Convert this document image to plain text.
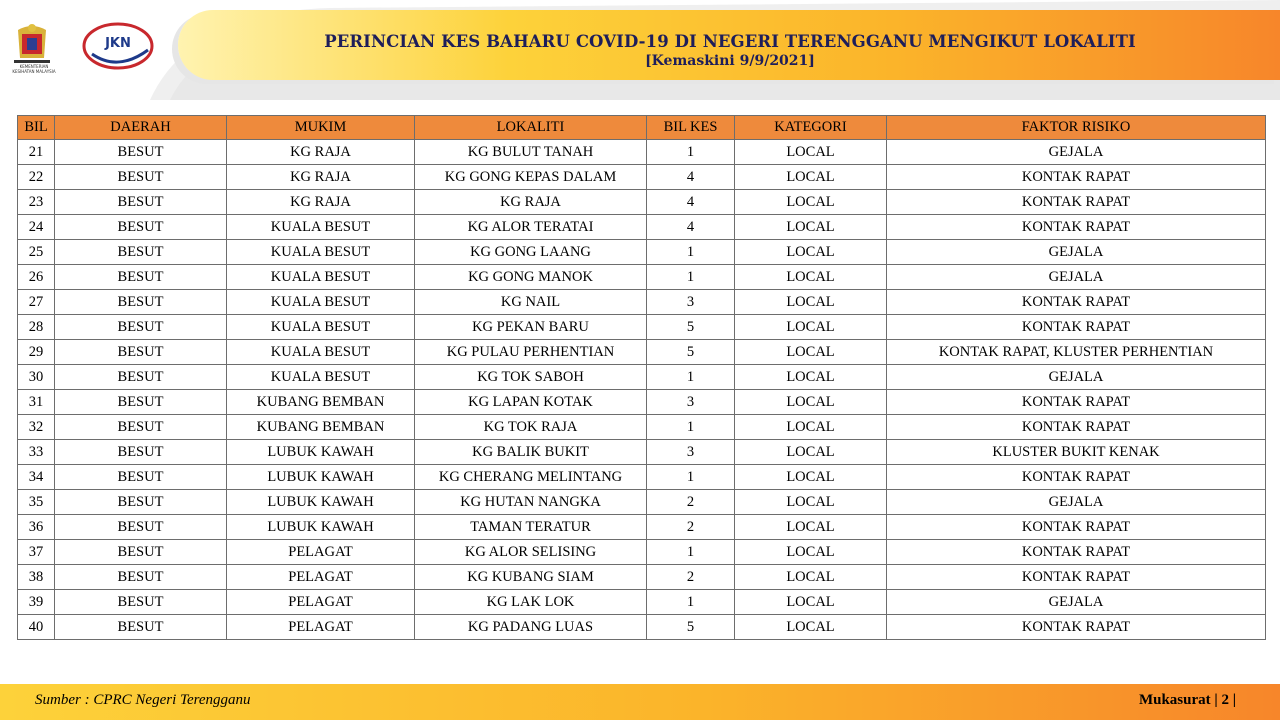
KEMENTERIAN KESIHATAN MALAYSIA
JKN	PERINCIAN KES BAHARU COVID-19 DI NEGERI TERENGGANU MENGIKUT LOKALITI
[Kemaskini 9/9/2021]
BIL	DAERAH	MUKIM	LOKALITI	BIL KES	KATEGORI	FAKTOR RISIKO
21	BESUT	KG RAJA	KG BULUT TANAH	1	LOCAL	GEJALA
22	BESUT	KG RAJA	KG GONG KEPAS DALAM	4	LOCAL	KONTAK RAPAT
23	BESUT	KG RAJA	KG RAJA	4	LOCAL	KONTAK RAPAT
24	BESUT	KUALA BESUT	KG ALOR TERATAI	4	LOCAL	KONTAK RAPAT
25	BESUT	KUALA BESUT	KG GONG LAANG	1	LOCAL	GEJALA
26	BESUT	KUALA BESUT	KG GONG MANOK	1	LOCAL	GEJALA
27	BESUT	KUALA BESUT	KG NAIL	3	LOCAL	KONTAK RAPAT
28	BESUT	KUALA BESUT	KG PEKAN BARU	5	LOCAL	KONTAK RAPAT
29	BESUT	KUALA BESUT	KG PULAU PERHENTIAN	5	LOCAL	KONTAK RAPAT, KLUSTER PERHENTIAN
30	BESUT	KUALA BESUT	KG TOK SABOH	1	LOCAL	GEJALA
31	BESUT	KUBANG BEMBAN	KG LAPAN KOTAK	3	LOCAL	KONTAK RAPAT
32	BESUT	KUBANG BEMBAN	KG TOK RAJA	1	LOCAL	KONTAK RAPAT
33	BESUT	LUBUK KAWAH	KG BALIK BUKIT	3	LOCAL	KLUSTER BUKIT KENAK
34	BESUT	LUBUK KAWAH	KG CHERANG MELINTANG	1	LOCAL	KONTAK RAPAT
35	BESUT	LUBUK KAWAH	KG HUTAN NANGKA	2	LOCAL	GEJALA
36	BESUT	LUBUK KAWAH	TAMAN TERATUR	2	LOCAL	KONTAK RAPAT
37	BESUT	PELAGAT	KG ALOR SELISING	1	LOCAL	KONTAK RAPAT
38	BESUT	PELAGAT	KG KUBANG SIAM	2	LOCAL	KONTAK RAPAT
39	BESUT	PELAGAT	KG LAK LOK	1	LOCAL	GEJALA
40	BESUT	PELAGAT	KG PADANG LUAS	5	LOCAL	KONTAK RAPAT
Sumber : CPRC Negeri Terengganu	Mukasurat | 2 |
